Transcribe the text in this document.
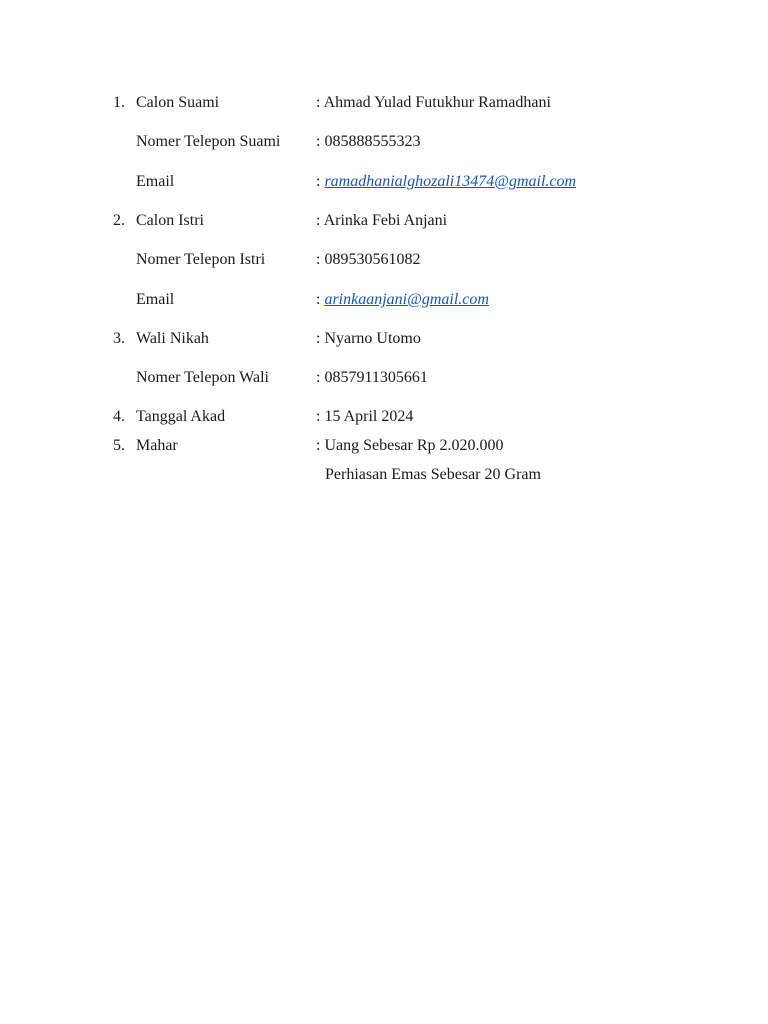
1. Calon Suami	: Ahmad Yulad Futukhur Ramadhani
Nomer Telepon Suami : 085888555323
Email	: ramadhanialghozali13474@gmail.com
2. Calon Istri	: Arinka Febi Anjani
Nomer Telepon Istri	: 089530561082
Email	: arinkaanjani@gmail.com
3. Wali Nikah	: Nyarno Utomo
Nomer Telepon Wali	: 0857911305661
4. Tanggal Akad	: 15 April 2024
5. Mahar	: Uang Sebesar Rp 2.020.000
Perhiasan Emas Sebesar 20 Gram
